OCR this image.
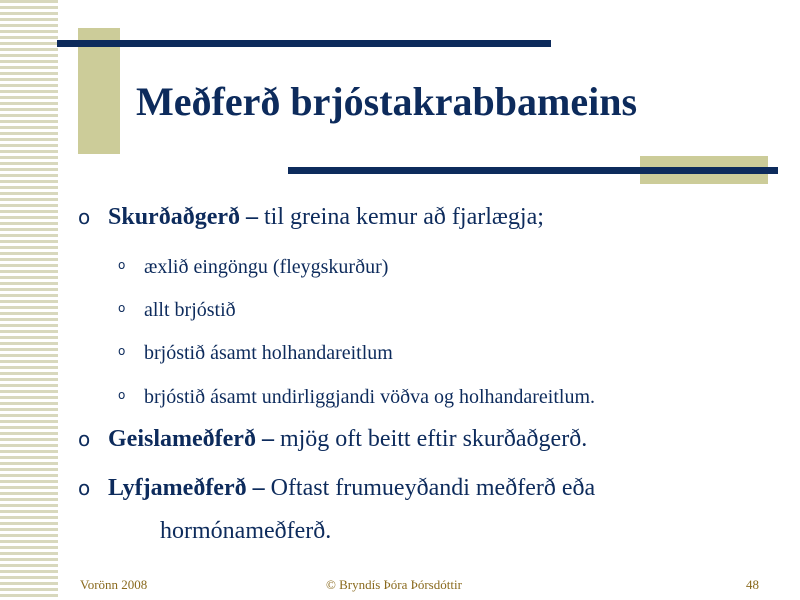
Meðferð brjóstakrabbameins
o Skurðaðgerð – til greina kemur að fjarlægja;
o æxlið eingöngu (fleygskurður)
o allt brjóstið
o brjóstið ásamt holhandareitlum
o brjóstið ásamt undirliggjandi vöðva og holhandareitlum.
o Geislameðferð – mjög oft beitt eftir skurðaðgerð.
o Lyfjameðferð – Oftast frumueyðandi meðferð eða
hormónameðferð.
Vorönn 2008	© Bryndís Þóra Þórsdóttir	48
